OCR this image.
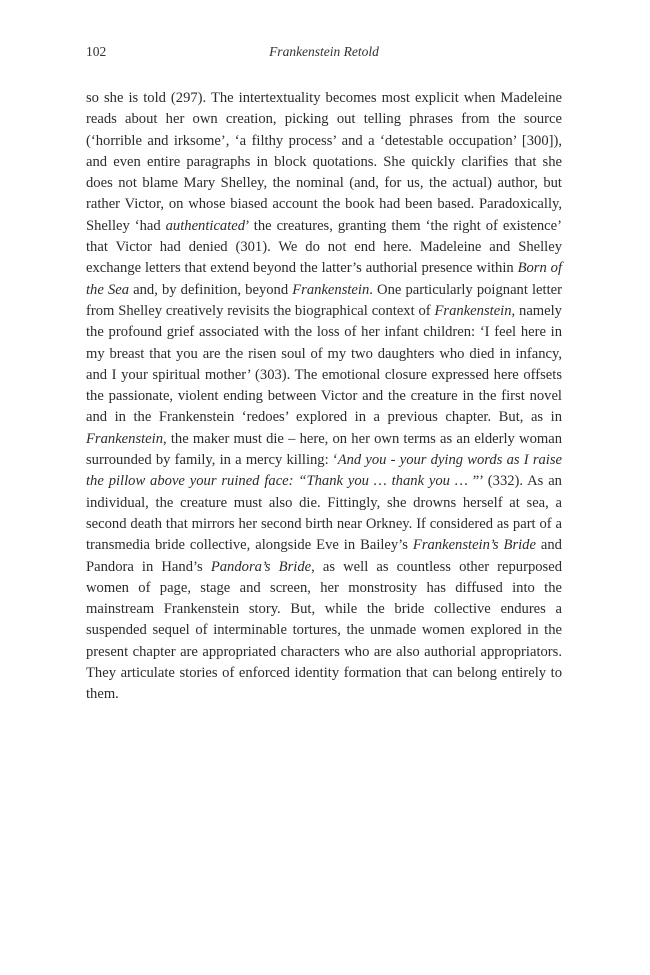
102	Frankenstein Retold

so she is told (297). The intertextuality becomes most explicit when Madeleine reads about her own creation, picking out telling phrases from the source (‘horrible and irksome’, ‘a filthy process’ and a ‘detestable occupation’ [300]), and even entire paragraphs in block quotations. She quickly clarifies that she does not blame Mary Shelley, the nominal (and, for us, the actual) author, but rather Victor, on whose biased account the book had been based. Paradoxically, Shelley ‘had authenticated’ the creatures, granting them ‘the right of existence’ that Victor had denied (301). We do not end here. Madeleine and Shelley exchange letters that extend beyond the latter’s authorial presence within Born of the Sea and, by definition, beyond Frankenstein. One particularly poignant letter from Shelley creatively revisits the biographical context of Frankenstein, namely the profound grief associated with the loss of her infant children: ‘I feel here in my breast that you are the risen soul of my two daughters who died in infancy, and I your spiritual mother’ (303). The emotional closure expressed here offsets the passionate, violent ending between Victor and the creature in the first novel and in the Frankenstein ‘redoes’ explored in a previous chapter. But, as in Frankenstein, the maker must die – here, on her own terms as an elderly woman surrounded by family, in a mercy killing: ‘And you - your dying words as I raise the pillow above your ruined face: “Thank you … thank you … ”’ (332). As an individual, the creature must also die. Fittingly, she drowns herself at sea, a second death that mirrors her second birth near Orkney. If considered as part of a transmedia bride collective, alongside Eve in Bailey’s Frankenstein’s Bride and Pandora in Hand’s Pandora’s Bride, as well as countless other repurposed women of page, stage and screen, her monstrosity has diffused into the mainstream Frankenstein story. But, while the bride collective endures a suspended sequel of interminable tortures, the unmade women explored in the present chapter are appropriated characters who are also authorial appropriators. They articulate stories of enforced identity formation that can belong entirely to them.
